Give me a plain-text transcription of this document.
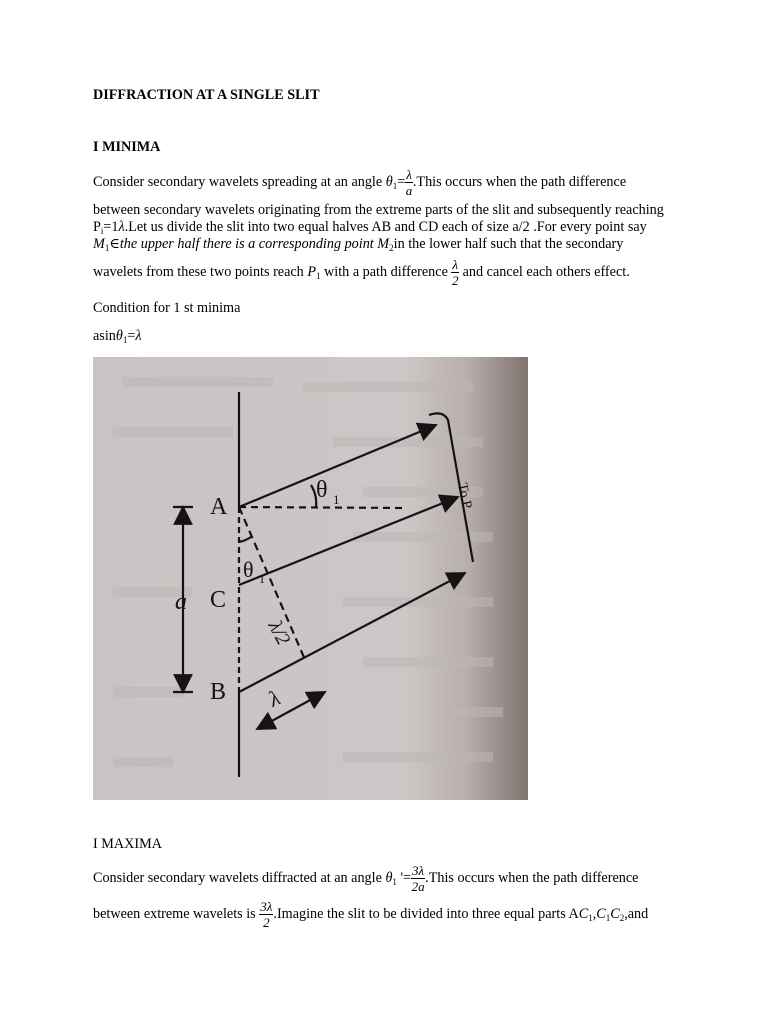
DIFFRACTION AT A SINGLE SLIT
I MINIMA
Consider secondary wavelets spreading at an angle $\theta_1= \frac{\lambda}{a}$ .This occurs when the path difference
between secondary wavelets originating from the extreme parts of the slit and subsequently reaching
$P_i=1\lambda.Let$ us divide the slit into two equal halves AB and CD each of size a/2 .For every point say
$M_1\in the$ upper half there is a corresponding point $M_2in$ the lower half such that the secondary
wavelets from these two points reach $P_1$ with a path difference $\frac{\lambda}{2}$ and cancel each others effect.
Condition for 1 st minima
asinθ$_1$=λ
A
C
B
a
θ 1
θ 1
λ/2
λ
To P
I MAXIMA
Consider secondary wavelets diffracted at an angle $\theta_1$ '= $\frac{3\lambda}{2a}$ .This occurs when the path difference
between extreme wavelets is $\frac{3\lambda}{2}$ .Imagine the slit to be divided into three equal parts $AC_1,C_1C_2,and$
